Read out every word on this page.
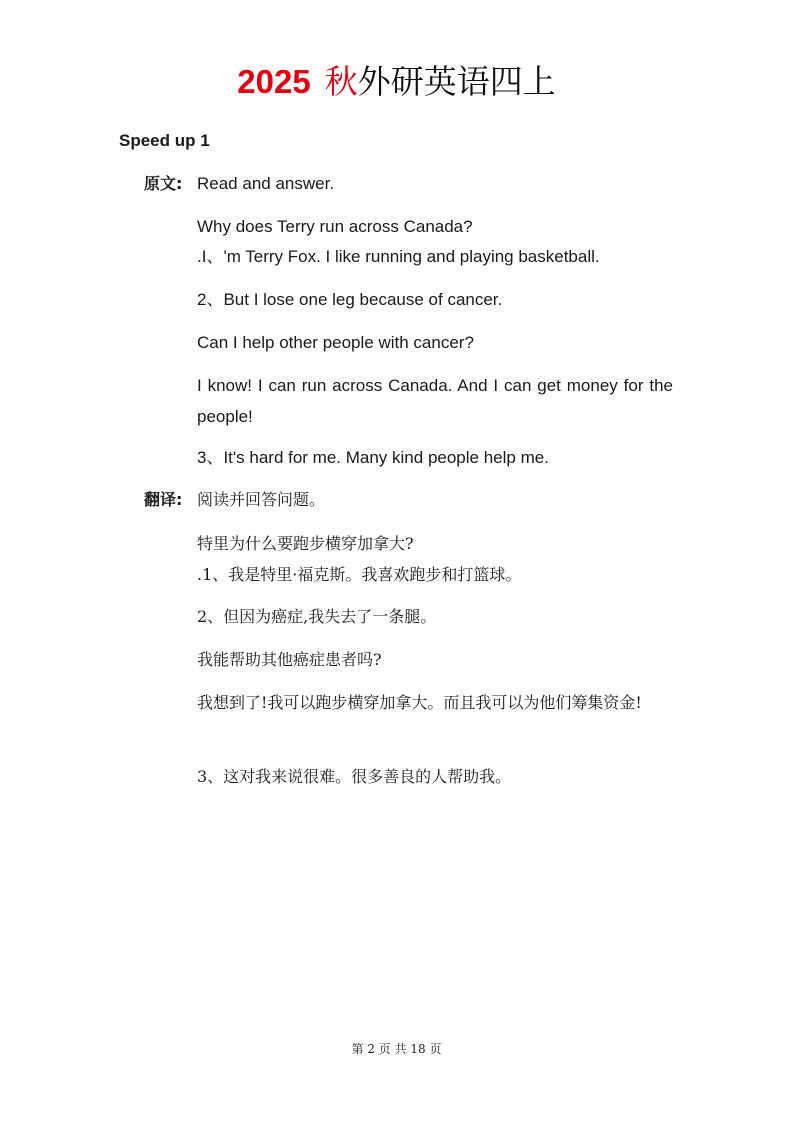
2025 秋外研英语四上
Speed up 1
原文: Read and answer.
Why does Terry run across Canada?
.I、'm Terry Fox. I like running and playing basketball.
2、But I lose one leg because of cancer.
Can I help other people with cancer?
I know! I can run across Canada. And I can get money for the people!
3、It's hard for me. Many kind people help me.
翻译: 阅读并回答问题。
特里为什么要跑步横穿加拿大?
.1、我是特里·福克斯。我喜欢跑步和打篮球。
2、但因为癌症,我失去了一条腿。
我能帮助其他癌症患者吗?
我想到了!我可以跑步横穿加拿大。而且我可以为他们筹集资金!
3、这对我来说很难。很多善良的人帮助我。
第 2 页 共 18 页
